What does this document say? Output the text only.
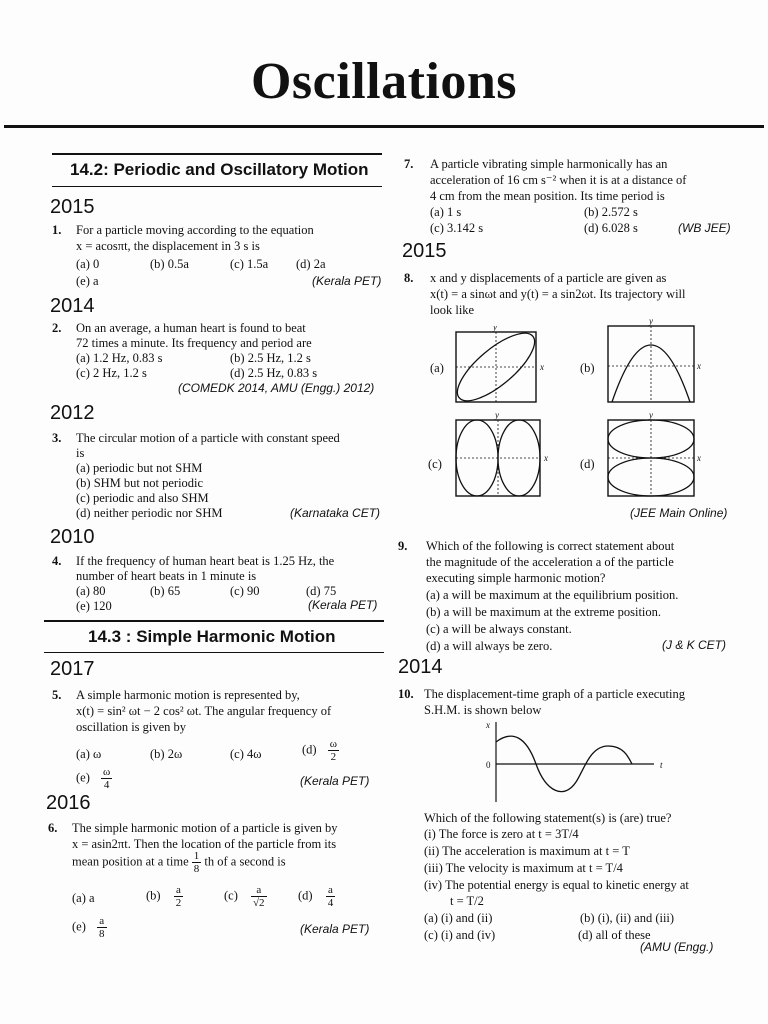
Oscillations
14.2: Periodic and Oscillatory Motion
2015
1. For a particle moving according to the equation
x = acosπt, the displacement in 3 s is
(a) 0	(b) 0.5a	(c) 1.5a (d) 2a
(e) a	(Kerala PET)
2014
2. On an average, a human heart is found to beat
72 times a minute. Its frequency and period are
(a) 1.2 Hz, 0.83 s	(b) 2.5 Hz, 1.2 s
(c) 2 Hz, 1.2 s	(d) 2.5 Hz, 0.83 s
(COMEDK 2014, AMU (Engg.) 2012)
2012
3. The circular motion of a particle with constant speed
is
(a) periodic but not SHM
(b) SHM but not periodic
(c) periodic and also SHM
(d) neither periodic nor SHM	(Karnataka CET)
2010
4. If the frequency of human heart beat is 1.25 Hz, the
number of heart beats in 1 minute is
(a) 80	(b) 65	(c) 90	(d) 75
(e) 120	(Kerala PET)
14.3 : Simple Harmonic Motion
2017
5. A simple harmonic motion is represented by,
x(t) = sin² ωt − 2 cos² ωt. The angular frequency of
oscillation is given by
(a) ω	(b) 2ω	(c) 4ω	$(d) \frac{\omega}{2}$
$(e) \frac{\omega}{4}$	(Kerala PET)
2016
6. The simple harmonic motion of a particle is given by
x = asin2πt. Then the location of the particle from its
mean position at a time $\frac{1}{8}$ th of a second is
(a) a	$(b) \frac{a}{2}$	$(c) \frac{a}{√2}$	$(d) \frac{a}{4}$
$(e) \frac{a}{8}$	(Kerala PET)
7. A particle vibrating simple harmonically has an
acceleration of 16 cm s⁻² when it is at a distance of
4 cm from the mean position. Its time period is
(a) 1 s	(b) 2.572 s
(c) 3.142 s	(d) 6.028 s	(WB JEE)
2015
8. x and y displacements of a particle are given as
x(t) = a sinωt and y(t) = a sin2ωt. Its trajectory will
look like
(a)	(b)
(c)	(d)
x
y
x
y
x
y
x
y
(JEE Main Online)
9. Which of the following is correct statement about
the magnitude of the acceleration a of the particle
executing simple harmonic motion?
(a) a will be maximum at the equilibrium position.
(b) a will be maximum at the extreme position.
(c) a will be always constant.
(d) a will always be zero.	(J & K CET)
2014
10. The displacement-time graph of a particle executing
S.H.M. is shown below
x
0	t
Which of the following statement(s) is (are) true?
(i) The force is zero at t = 3T/4
(ii) The acceleration is maximum at t = T
(iii) The velocity is maximum at t = T/4
(iv) The potential energy is equal to kinetic energy at
t = T/2
(a) (i) and (ii)	(b) (i), (ii) and (iii)
(c) (i) and (iv)	(d) all of these
(AMU (Engg.)
